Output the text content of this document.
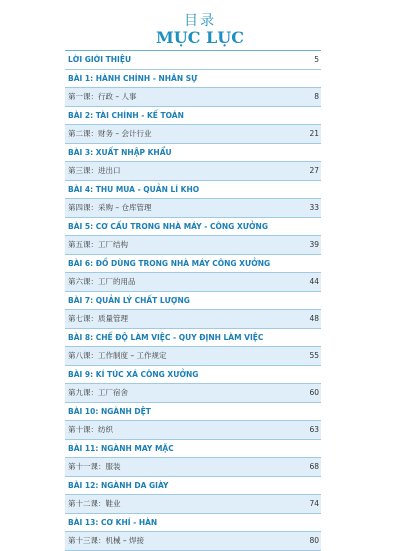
目录
MỤC LỤC
LỜI GIỚI THIỆU	5
BÀI 1: HÀNH CHÍNH - NHÂN SỰ
第一课：行政 – 人事	8
BÀI 2: TÀI CHÍNH - KẾ TOÁN
第二课：财务 – 会计行业	21
BÀI 3: XUẤT NHẬP KHẨU
第三课：进出口	27
BÀI 4: THU MUA - QUẢN LÍ KHO
第四课：采购 – 仓库管理	33
BÀI 5: CƠ CẤU TRONG NHÀ MÁY - CÔNG XƯỞNG
第五课：工厂结构	39
BÀI 6: ĐỒ DÙNG TRONG NHÀ MÁY CÔNG XƯỞNG
第六课：工厂的用品	44
BÀI 7: QUẢN LÝ CHẤT LƯỢNG
第七课：质量管理	48
BÀI 8: CHẾ ĐỘ LÀM VIỆC - QUY ĐỊNH LÀM VIỆC
第八课：工作制度 – 工作规定	55
BÀI 9: KÍ TÚC XÁ CÔNG XƯỞNG
第九课：工厂宿舍	60
BÀI 10: NGÀNH DỆT
第十课：纺织	63
BÀI 11: NGÀNH MAY MẶC
第十一课：服装	68
BÀI 12: NGÀNH DA GIÀY
第十二课：鞋业	74
BÀI 13: CƠ KHÍ - HÀN
第十三课：机械 – 焊接	80
